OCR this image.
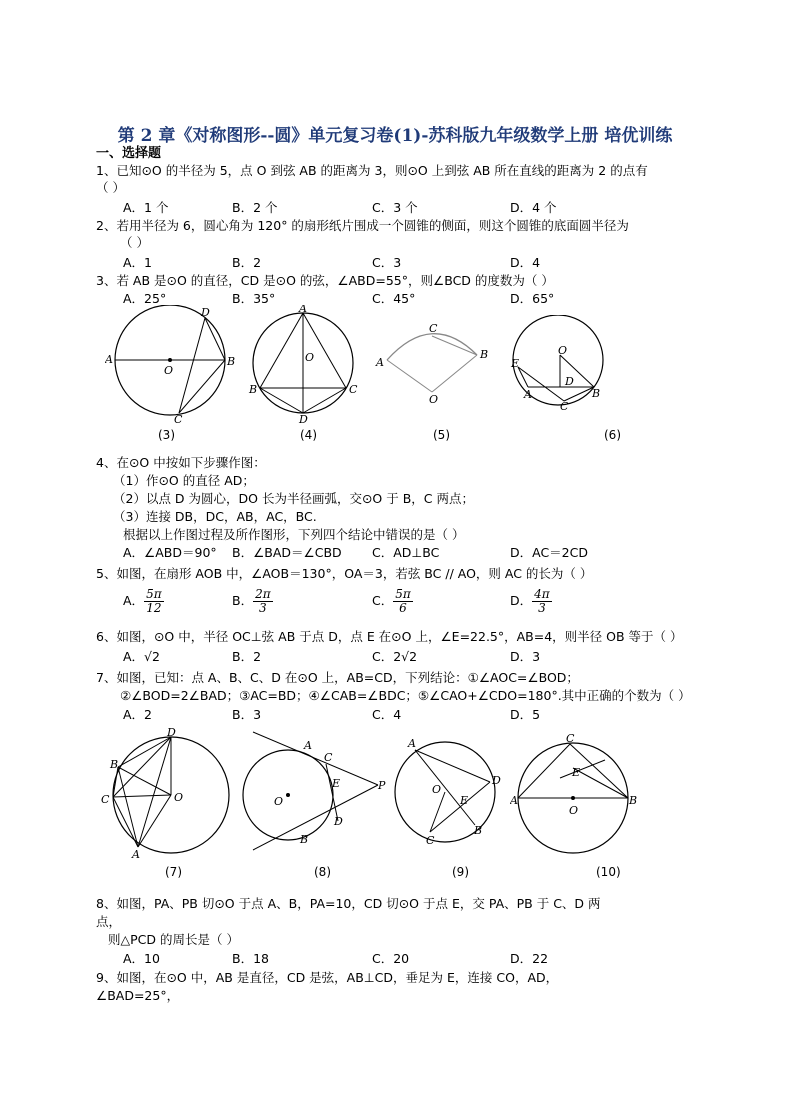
第 2 章《对称图形--圆》单元复习卷(1)-苏科版九年级数学上册 培优训练
一、选择题
1、已知⊙O 的半径为 5，点 O 到弦 AB 的距离为 3，则⊙O 上到弦 AB 所在直线的距离为 2 的点有
（ ）
A．1 个	B．2 个	C．3 个	D．4 个
2、若用半径为 6，圆心角为 120° 的扇形纸片围成一个圆锥的侧面，则这个圆锥的底面圆半径为
（ ）
A．1	B．2	C．3	D．4
3、若 AB 是⊙O 的直径，CD 是⊙O 的弦，∠ABD=55°，则∠BCD 的度数为（ ）
A．25°	B．35°	C．45°	D．65°
D
A	B
O
C
(3)
A
O
B	C
D
(4)
C
A
B
O
(5)
O
E
D
A
C
B
(6)
4、在⊙O 中按如下步骤作图：
（1）作⊙O 的直径 AD；
（2）以点 D 为圆心，DO 长为半径画弧，交⊙O 于 B，C 两点；
（3）连接 DB，DC，AB，AC，BC.
根据以上作图过程及所作图形，下列四个结论中错误的是（ ）
A．∠ABD＝90° B．∠BAD＝∠CBD C．AD⊥BC	D．AC＝2CD
5、如图，在扇形 AOB 中，∠AOB＝130°，OA＝3，若弦 BC // AO，则 AC 的长为（ ）
A． $\frac{5\pi}{12}$	B． $\frac{2\pi}{3}$	C． $\frac{5\pi}{6}$	D． $\frac{4\pi}{3}$
6、如图，⊙O 中，半径 OC⊥弦 AB 于点 D，点 E 在⊙O 上，∠E=22.5°，AB=4，则半径 OB 等于（ ）
A．√2	B．2	C．2√2	D．3
7、如图，已知：点 A、B、C、D 在⊙O 上，AB=CD，下列结论：①∠AOC=∠BOD；
②∠BOD=2∠BAD；③AC=BD；④∠CAB=∠BDC；⑤∠CAO+∠CDO=180°.其中正确的个数为（ ）
A．2	B．3	C．4	D．5
D
B
C	O
A
(7)
A
C
E	P
O
D
B
(8)
A
D
O
E
B
C
(9)
C
E
A	B
O
(10)
8、如图，PA、PB 切⊙O 于点 A、B，PA=10，CD 切⊙O 于点 E，交 PA、PB 于 C、D 两
点，
则△PCD 的周长是（ ）
A．10	B．18	C．20	D．22
9、如图，在⊙O 中，AB 是直径，CD 是弦，AB⊥CD，垂足为 E，连接 CO，AD，
∠BAD=25°，
